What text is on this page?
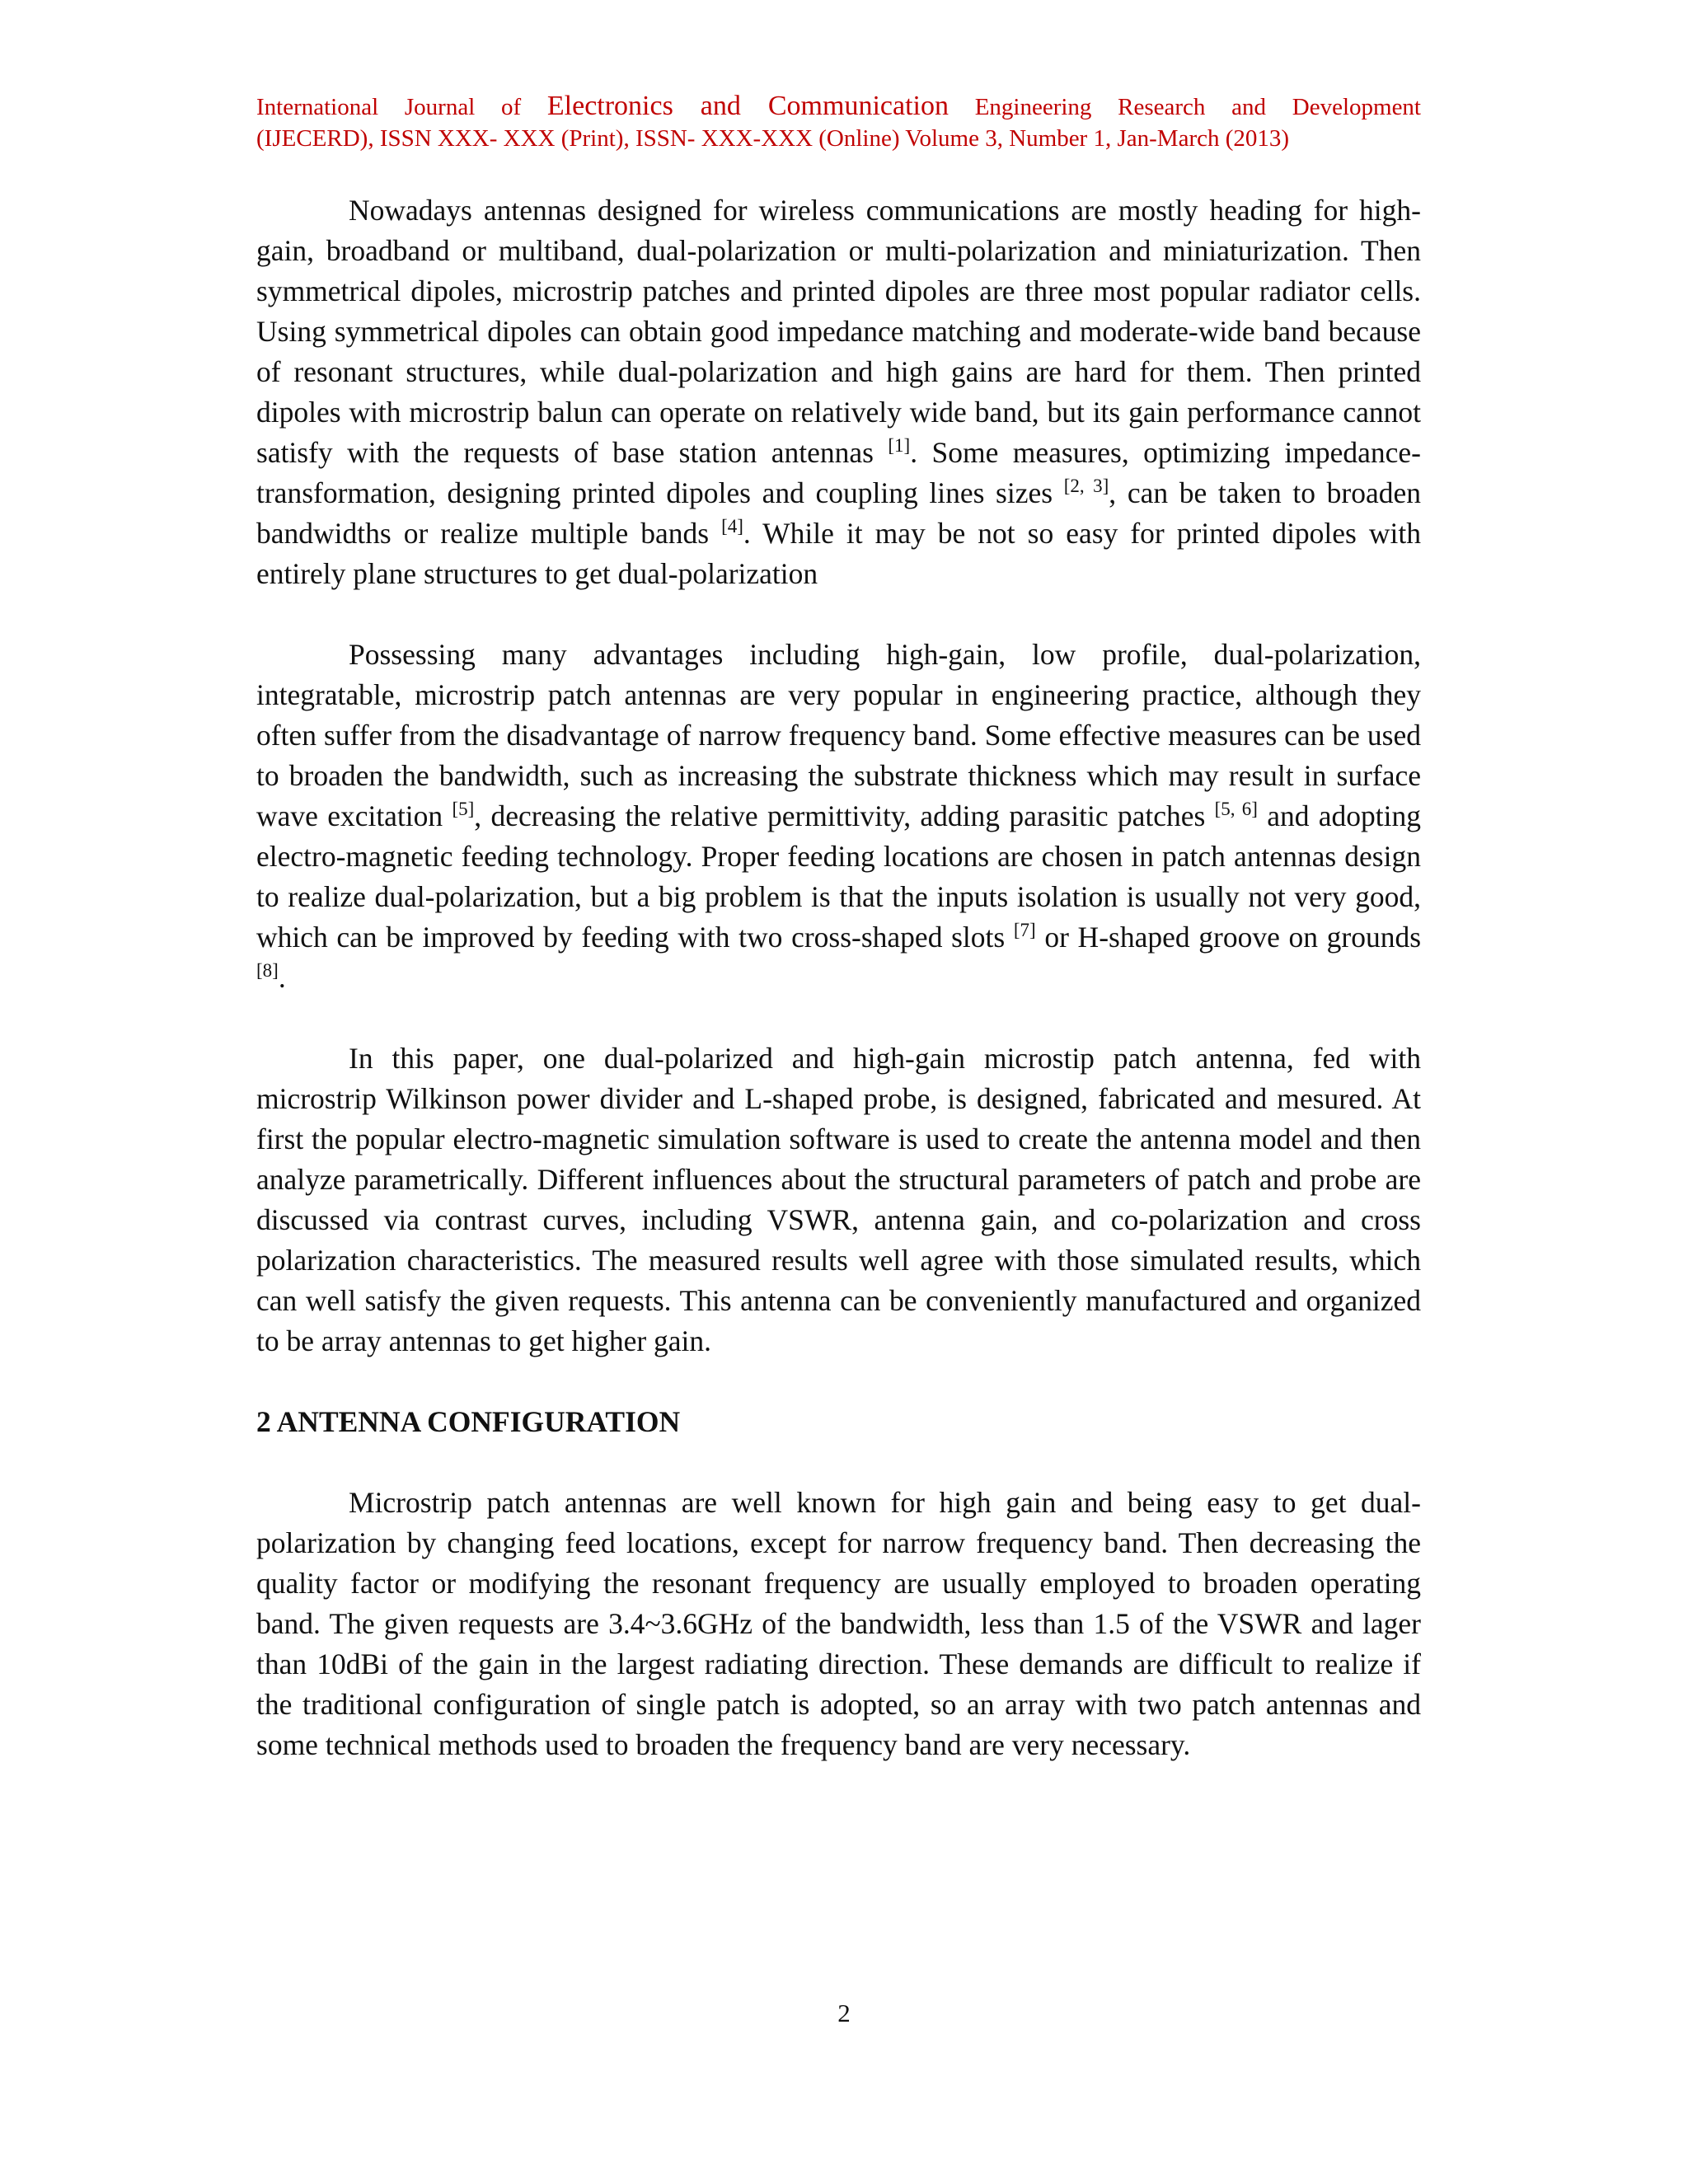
International Journal of Electronics and Communication Engineering Research and Development
(IJECERD), ISSN XXX- XXX (Print), ISSN- XXX-XXX (Online) Volume 3, Number 1, Jan-March (2013)

Nowadays antennas designed for wireless communications are mostly heading for high-gain, broadband or multiband, dual-polarization or multi-polarization and miniaturization. Then symmetrical dipoles, microstrip patches and printed dipoles are three most popular radiator cells. Using symmetrical dipoles can obtain good impedance matching and moderate-wide band because of resonant structures, while dual-polarization and high gains are hard for them. Then printed dipoles with microstrip balun can operate on relatively wide band, but its gain performance cannot satisfy with the requests of base station antennas [1]. Some measures, optimizing impedance-transformation, designing printed dipoles and coupling lines sizes [2, 3], can be taken to broaden bandwidths or realize multiple bands [4]. While it may be not so easy for printed dipoles with entirely plane structures to get dual-polarization

Possessing many advantages including high-gain, low profile, dual-polarization, integratable, microstrip patch antennas are very popular in engineering practice, although they often suffer from the disadvantage of narrow frequency band. Some effective measures can be used to broaden the bandwidth, such as increasing the substrate thickness which may result in surface wave excitation [5], decreasing the relative permittivity, adding parasitic patches [5, 6] and adopting electro-magnetic feeding technology. Proper feeding locations are chosen in patch antennas design to realize dual-polarization, but a big problem is that the inputs isolation is usually not very good, which can be improved by feeding with two cross-shaped slots [7] or H-shaped groove on grounds [8].

In this paper, one dual-polarized and high-gain microstip patch antenna, fed with microstrip Wilkinson power divider and L-shaped probe, is designed, fabricated and mesured. At first the popular electro-magnetic simulation software is used to create the antenna model and then analyze parametrically. Different influences about the structural parameters of patch and probe are discussed via contrast curves, including VSWR, antenna gain, and co-polarization and cross polarization characteristics. The measured results well agree with those simulated results, which can well satisfy the given requests. This antenna can be conveniently manufactured and organized to be array antennas to get higher gain.

2 ANTENNA CONFIGURATION

Microstrip patch antennas are well known for high gain and being easy to get dual-polarization by changing feed locations, except for narrow frequency band. Then decreasing the quality factor or modifying the resonant frequency are usually employed to broaden operating band. The given requests are 3.4~3.6GHz of the bandwidth, less than 1.5 of the VSWR and lager than 10dBi of the gain in the largest radiating direction. These demands are difficult to realize if the traditional configuration of single patch is adopted, so an array with two patch antennas and some technical methods used to broaden the frequency band are very necessary.

2
